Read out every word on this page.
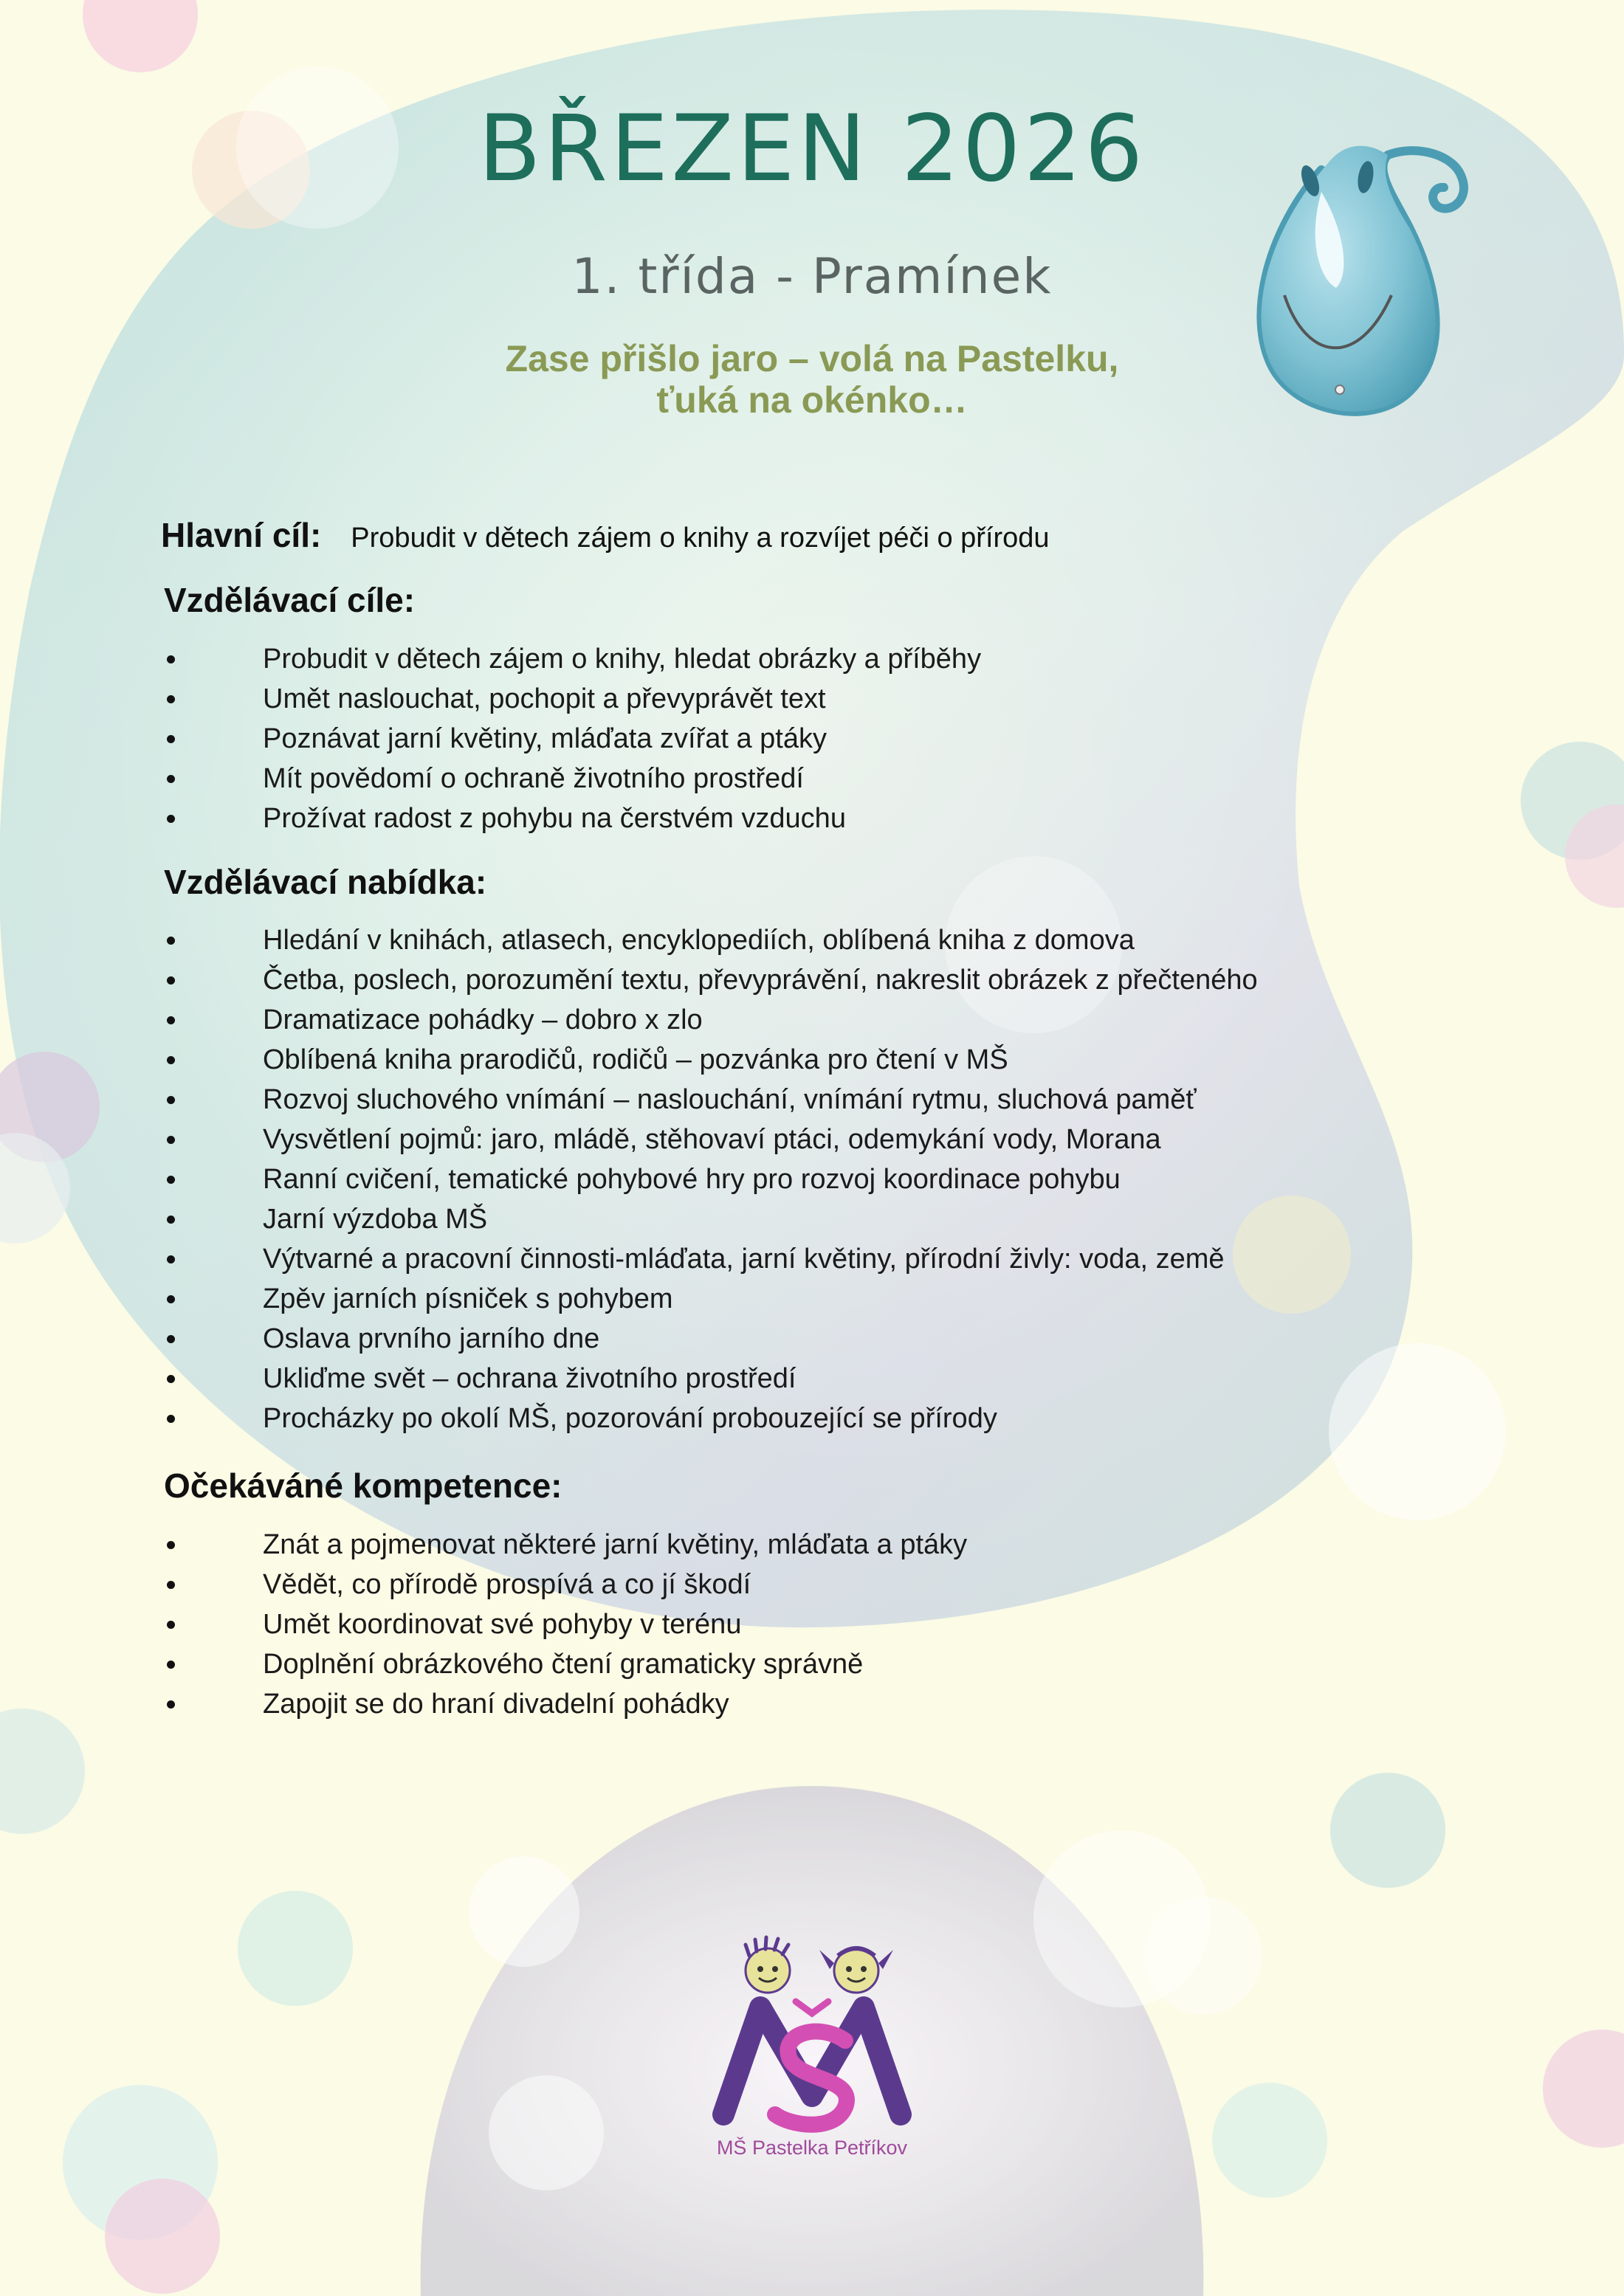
BŘEZEN 2026
1. třída - Pramínek
Zase přišlo jaro – volá na Pastelku,
ťuká na okénko…
Hlavní cíl: Probudit v dětech zájem o knihy a rozvíjet péči o přírodu
Vzdělávací cíle:
Probudit v dětech zájem o knihy, hledat obrázky a příběhy
Umět naslouchat, pochopit a převyprávět text
Poznávat jarní květiny, mláďata zvířat a ptáky
Mít povědomí o ochraně životního prostředí
Prožívat radost z pohybu na čerstvém vzduchu
Vzdělávací nabídka:
Hledání v knihách, atlasech, encyklopediích, oblíbená kniha z domova
Četba, poslech, porozumění textu, převyprávění, nakreslit obrázek z přečteného
Dramatizace pohádky – dobro x zlo
Oblíbená kniha prarodičů, rodičů – pozvánka pro čtení v MŠ
Rozvoj sluchového vnímání – naslouchání, vnímání rytmu, sluchová paměť
Vysvětlení pojmů: jaro, mládě, stěhovaví ptáci, odemykání vody, Morana
Ranní cvičení, tematické pohybové hry pro rozvoj koordinace pohybu
Jarní výzdoba MŠ
Výtvarné a pracovní činnosti-mláďata, jarní květiny, přírodní živly: voda, země
Zpěv jarních písniček s pohybem
Oslava prvního jarního dne
Ukliďme svět – ochrana životního prostředí
Procházky po okolí MŠ, pozorování probouzející se přírody
Očekáváné kompetence:
Znát a pojmenovat některé jarní květiny, mláďata a ptáky
Vědět, co přírodě prospívá a co jí škodí
Umět koordinovat své pohyby v terénu
Doplnění obrázkového čtení gramaticky správně
Zapojit se do hraní divadelní pohádky
MŠ Pastelka Petříkov
